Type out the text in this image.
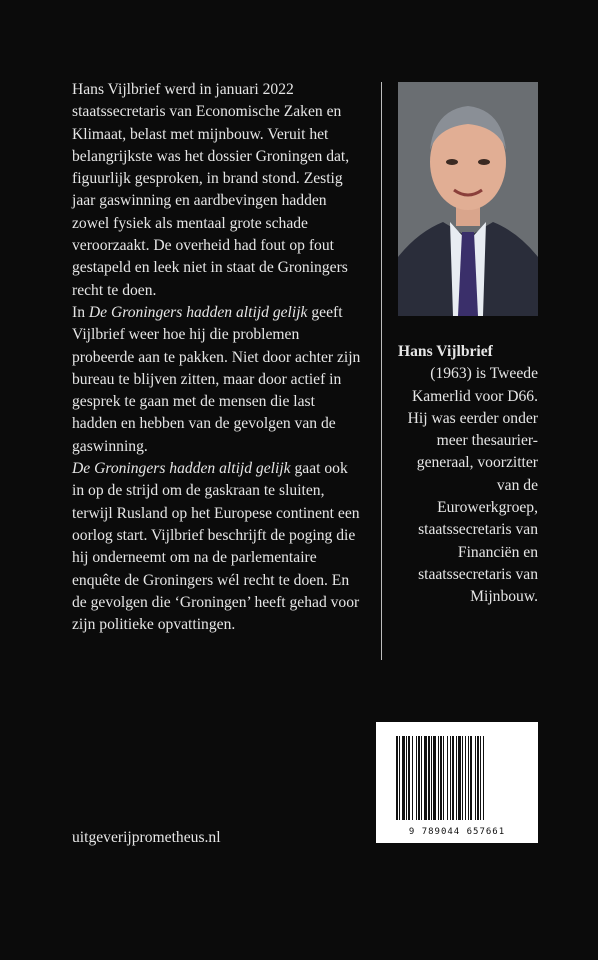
Hans Vijlbrief werd in januari 2022 staatssecretaris van Economische Zaken en Klimaat, belast met mijnbouw. Veruit het belangrijkste was het dossier Groningen dat, figuurlijk gesproken, in brand stond. Zestig jaar gaswinning en aardbevingen hadden zowel fysiek als mentaal grote schade veroorzaakt. De overheid had fout op fout gestapeld en leek niet in staat de Groningers recht te doen.

In De Groningers hadden altijd gelijk geeft Vijlbrief weer hoe hij die problemen probeerde aan te pakken. Niet door achter zijn bureau te blijven zitten, maar door actief in gesprek te gaan met de mensen die last hadden en hebben van de gevolgen van de gaswinning.

De Groningers hadden altijd gelijk gaat ook in op de strijd om de gaskraan te sluiten, terwijl Rusland op het Europese continent een oorlog start. Vijlbrief beschrijft de poging die hij onderneemt om na de parlementaire enquête de Groningers wél recht te doen. En de gevolgen die ‘Groningen’ heeft gehad voor zijn politieke opvattingen.

Hans Vijlbrief
(1963) is Tweede Kamerlid voor D66. Hij was eerder onder meer thesaurier-generaal, voorzitter van de Eurowerkgroep, staatssecretaris van Financiën en staatssecretaris van Mijnbouw.
9 789044 657661
uitgeverijprometheus.nl
